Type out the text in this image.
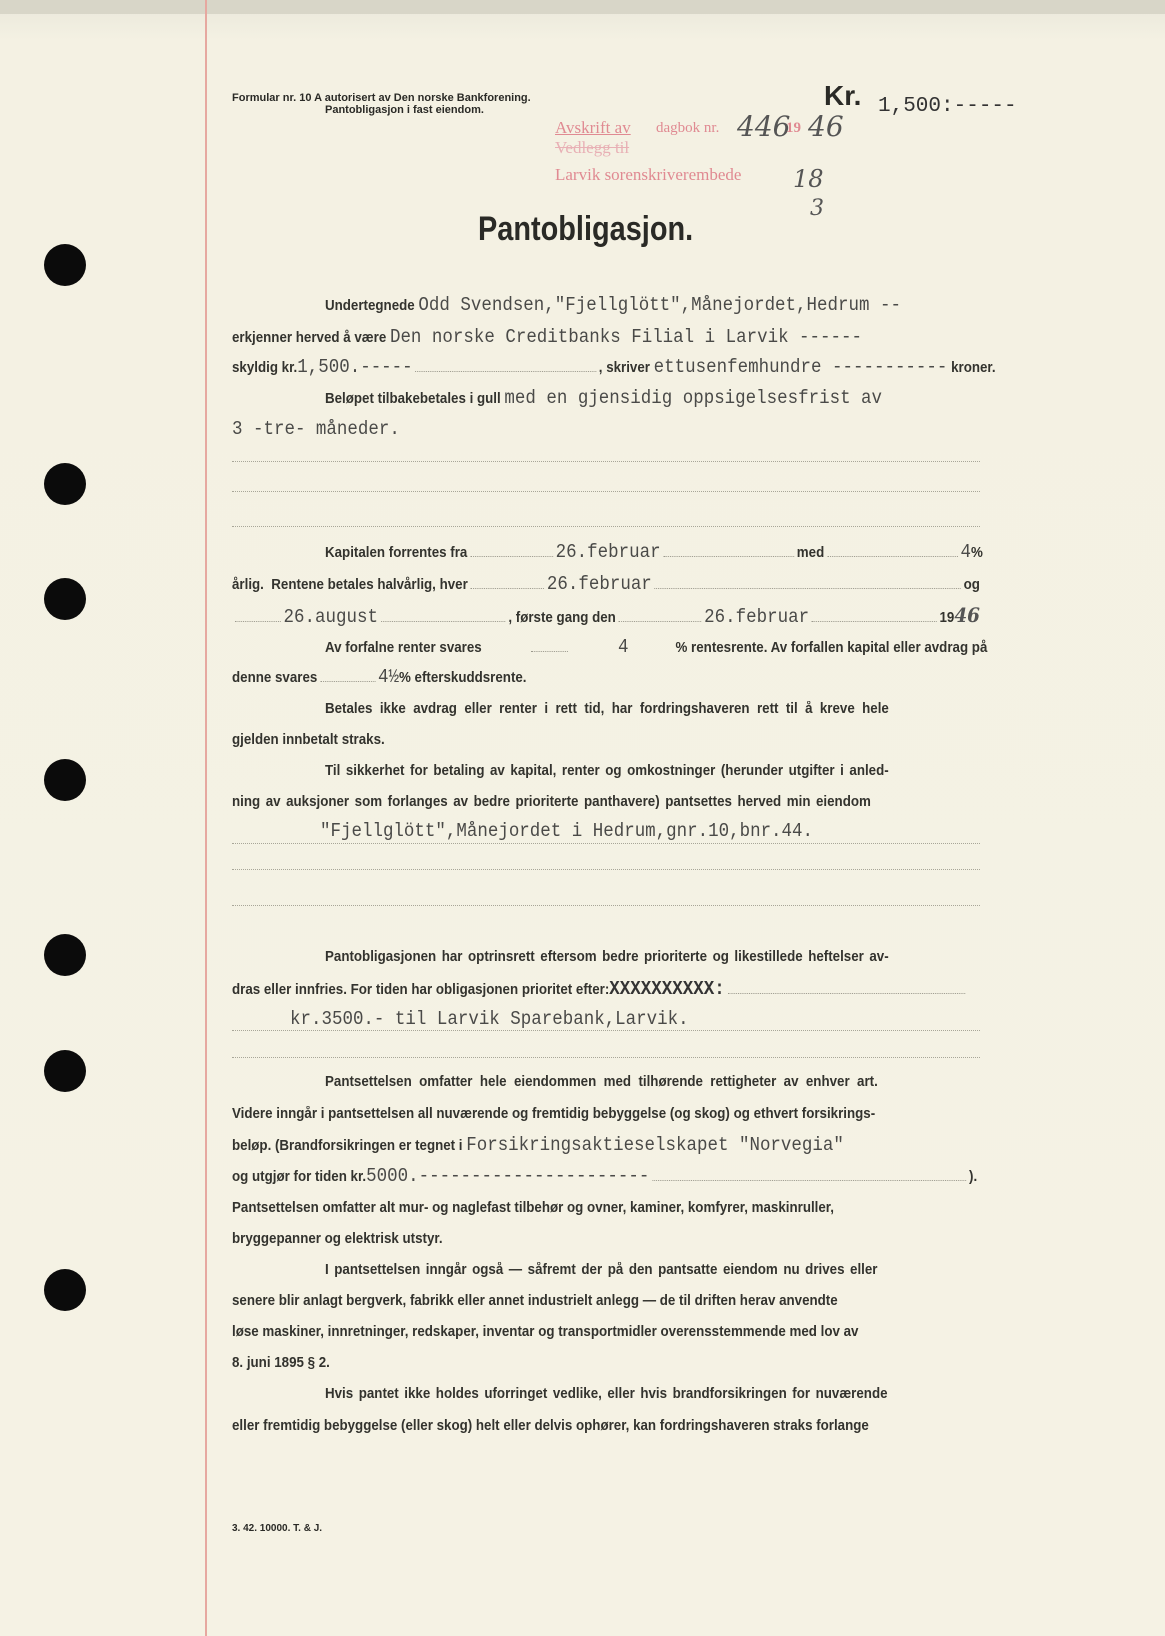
Formular nr. 10 A autorisert av Den norske Bankforening.
Pantobligasjon i fast eiendom.	Kr. 1,500:-----
Avskrift av
Vedlegg til
dagbok nr. 446
19 46
Larvik sorenskriverembede 18
3
Pantobligasjon.
Undertegnede
Odd Svendsen,"Fjellglött",Månejordet,Hedrum --
erkjenner herved å være
Den norske Creditbanks Filial i Larvik ------
skyldig kr. 1,500.-----	, skriver
ettusenfemhundre -----------
kroner.
Beløpet tilbakebetales i gull
med en gjensidig oppsigelsesfrist av
3 -tre- måneder.
Kapitalen forrentes fra	26.februar	med	4 %
årlig.
Rentene betales halvårlig, hver	26.februar	og
26.august	, første gang den	26.februar	19 46
Av forfalne renter svares	4	% rentesrente. Av forfallen kapital eller avdrag på
denne svares	4½ % efterskuddsrente.
Betales ikke avdrag eller renter i rett tid, har fordringshaveren rett til å kreve hele
gjelden innbetalt straks.
Til sikkerhet for betaling av kapital, renter og omkostninger (herunder utgifter i anled-
ning av auksjoner som forlanges av bedre prioriterte panthavere) pantsettes herved min eiendom
"Fjellglött",Månejordet i Hedrum,gnr.10,bnr.44.
Pantobligasjonen har optrinsrett eftersom bedre prioriterte og likestillede heftelser av-
dras eller innfries. For tiden har obligasjonen prioritet efter: XXXXXXXXXX:
kr.3500.- til Larvik Sparebank,Larvik.
Pantsettelsen omfatter hele eiendommen med tilhørende rettigheter av enhver art.
Videre inngår i pantsettelsen all nuværende og fremtidig bebyggelse (og skog) og ethvert forsikrings-
beløp. (Brandforsikringen er tegnet i
Forsikringsaktieselskapet "Norvegia"
og utgjør for tiden kr. 5000.----------------------	).
Pantsettelsen omfatter alt mur- og naglefast tilbehør og ovner, kaminer, komfyrer, maskinruller,
bryggepanner og elektrisk utstyr.
I pantsettelsen inngår også — såfremt der på den pantsatte eiendom nu drives eller
senere blir anlagt bergverk, fabrikk eller annet industrielt anlegg — de til driften herav anvendte
løse maskiner, innretninger, redskaper, inventar og transportmidler overensstemmende med lov av
8. juni 1895 § 2.
Hvis pantet ikke holdes uforringet vedlike, eller hvis brandforsikringen for nuværende
eller fremtidig bebyggelse (eller skog) helt eller delvis ophører, kan fordringshaveren straks forlange
3. 42. 10000. T. & J.
